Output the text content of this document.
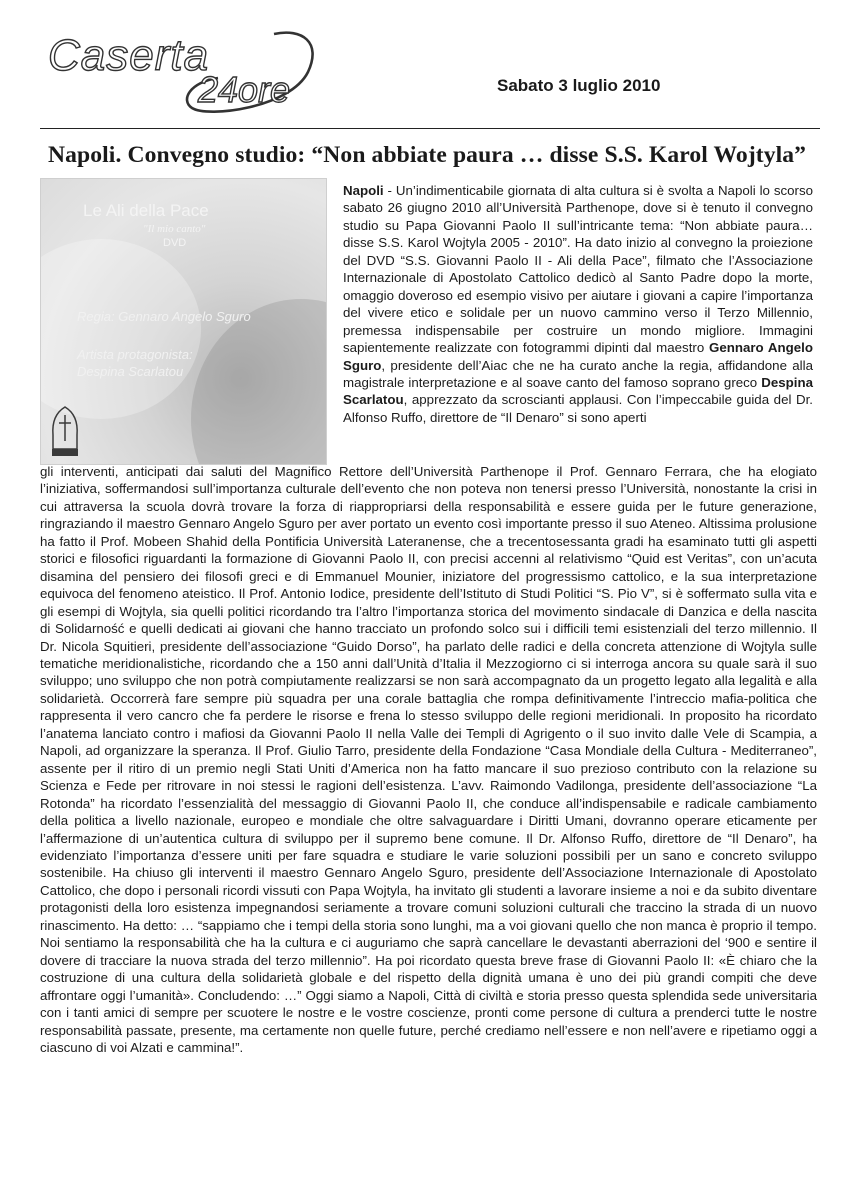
Caserta
24ore	Sabato 3 luglio 2010
Napoli. Convegno studio: “Non abbiate paura … disse S.S. Karol Wojtyla”
Le Ali della Pace
"Il mio canto"
DVD
Regia: Gennaro Angelo Sguro
Artista protagonista:
Despina Scarlatou
Napoli - Un’indimenticabile giornata di alta cultura si è svolta a Napoli lo scorso sabato 26 giugno 2010 all’Università Parthenope, dove si è tenuto il convegno studio su Papa Giovanni Paolo II sull’intricante tema: “Non abbiate paura… disse S.S. Karol Wojtyla 2005 - 2010”. Ha dato inizio al convegno la proiezione del DVD “S.S. Giovanni Paolo II - Ali della Pace”, filmato che l’Associazione Internazionale di Apostolato Cattolico dedicò al Santo Padre dopo la morte, omaggio doveroso ed esempio visivo per aiutare i giovani a capire l’importanza del vivere etico e solidale per un nuovo cammino verso il Terzo Millennio, premessa indispensabile per costruire un mondo migliore. Immagini sapientemente realizzate con fotogrammi dipinti dal maestro Gennaro Angelo Sguro, presidente dell’Aiac che ne ha curato anche la regia, affidandone alla magistrale interpretazione e al soave canto del famoso soprano greco Despina Scarlatou, apprezzato da scroscianti applausi. Con l’impeccabile guida del Dr. Alfonso Ruffo, direttore de “Il Denaro” si sono aperti
gli interventi, anticipati dai saluti del Magnifico Rettore dell’Università Parthenope il Prof. Gennaro Ferrara, che ha elogiato l’iniziativa, soffermandosi sull’importanza culturale dell’evento che non poteva non tenersi presso l’Università, nonostante la crisi in cui attraversa la scuola dovrà trovare la forza di riappropriarsi della responsabilità e essere guida per le future generazione, ringraziando il maestro Gennaro Angelo Sguro per aver portato un evento così importante presso il suo Ateneo. Altissima prolusione ha fatto il Prof. Mobeen Shahid della Pontificia Università Lateranense, che a trecentosessanta gradi ha esaminato tutti gli aspetti storici e filosofici riguardanti la formazione di Giovanni Paolo II, con precisi accenni al relativismo “Quid est Veritas”, con un’acuta disamina del pensiero dei filosofi greci e di Emmanuel Mounier, iniziatore del progressismo cattolico, e la sua interpretazione equivoca del fenomeno ateistico. Il Prof. Antonio Iodice, presidente dell’Istituto di Studi Politici “S. Pio V”, si è soffermato sulla vita e gli esempi di Wojtyla, sia quelli politici ricordando tra l’altro l’importanza storica del movimento sindacale di Danzica e della nascita di Solidarność e quelli dedicati ai giovani che hanno tracciato un profondo solco sui i difficili temi esistenziali del terzo millennio. Il Dr. Nicola Squitieri, presidente dell’associazione “Guido Dorso”, ha parlato delle radici e della concreta attenzione di Wojtyla sulle tematiche meridionalistiche, ricordando che a 150 anni dall’Unità d’Italia il Mezzogiorno ci si interroga ancora su quale sarà il suo sviluppo; uno sviluppo che non potrà compiutamente realizzarsi se non sarà accompagnato da un progetto legato alla legalità e alla solidarietà. Occorrerà fare sempre più squadra per una corale battaglia che rompa definitivamente l’intreccio mafia-politica che rappresenta il vero cancro che fa perdere le risorse e frena lo stesso sviluppo delle regioni meridionali. In proposito ha ricordato l’anatema lanciato contro i mafiosi da Giovanni Paolo II nella Valle dei Templi di Agrigento o il suo invito dalle Vele di Scampia, a Napoli, ad organizzare la speranza. Il Prof. Giulio Tarro, presidente della Fondazione “Casa Mondiale della Cultura - Mediterraneo”, assente per il ritiro di un premio negli Stati Uniti d’America non ha fatto mancare il suo prezioso contributo con la relazione su Scienza e Fede per ritrovare in noi stessi le ragioni dell’esistenza. L’avv. Raimondo Vadilonga, presidente dell’associazione “La Rotonda” ha ricordato l’essenzialità del messaggio di Giovanni Paolo II, che conduce all’indispensabile e radicale cambiamento della politica a livello nazionale, europeo e mondiale che oltre salvaguardare i Diritti Umani, dovranno operare eticamente per l’affermazione di un’autentica cultura di sviluppo per il supremo bene comune. Il Dr. Alfonso Ruffo, direttore de “Il Denaro”, ha evidenziato l’importanza d’essere uniti per fare squadra e studiare le varie soluzioni possibili per un sano e concreto sviluppo sostenibile. Ha chiuso gli interventi il maestro Gennaro Angelo Sguro, presidente dell’Associazione Internazionale di Apostolato Cattolico, che dopo i personali ricordi vissuti con Papa Wojtyla, ha invitato gli studenti a lavorare insieme a noi e da subito diventare protagonisti della loro esistenza impegnandosi seriamente a trovare comuni soluzioni culturali che traccino la strada di un nuovo rinascimento. Ha detto: … “sappiamo che i tempi della storia sono lunghi, ma a voi giovani quello che non manca è proprio il tempo. Noi sentiamo la responsabilità che ha la cultura e ci auguriamo che saprà cancellare le devastanti aberrazioni del ‘900 e sentire il dovere di tracciare la nuova strada del terzo millennio”. Ha poi ricordato questa breve frase di Giovanni Paolo II: «È chiaro che la costruzione di una cultura della solidarietà globale e del rispetto della dignità umana è uno dei più grandi compiti che deve affrontare oggi l’umanità». Concludendo: …” Oggi siamo a Napoli, Città di civiltà e storia presso questa splendida sede universitaria con i tanti amici di sempre per scuotere le nostre e le vostre coscienze, pronti come persone di cultura a prenderci tutte le nostre responsabilità passate, presente, ma certamente non quelle future, perché crediamo nell’essere e non nell’avere e ripetiamo oggi a ciascuno di voi Alzati e cammina!”.
